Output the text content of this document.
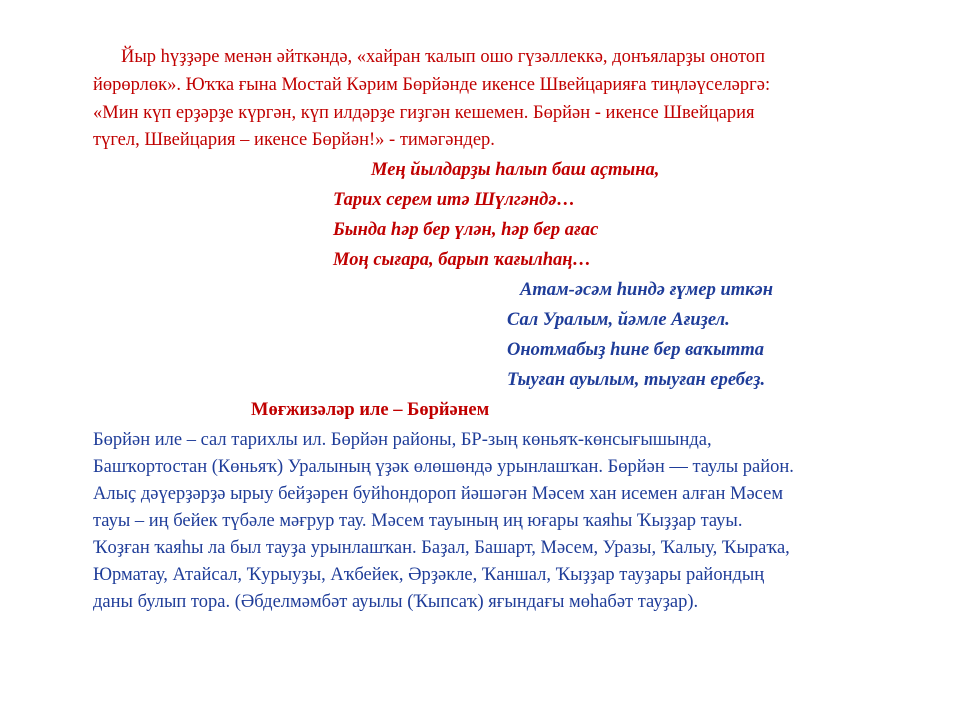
Йыр һүҙҙәре менән әйткәндә, «хайран ҡалып ошо гүзәллеккә, донъяларҙы онотоп
йөрөрлөк». Юҡҡа ғына Мостай Кәрим Бөрйәндe икенсе Швейцарияға тиңләүселәргә:
«Мин күп ерҙәрҙе күргән, күп илдәрҙе гиҙгән кешемен. Бөрйән - икенсе Швейцария
түгел, Швейцария – икенсе Бөрйән!» - тимәгәндер.
Мең йылдарҙы һалып баш аҫтына,
Тарих серем итә Шүлгәндә…
Бында һәр бер үлән, һәр бер ағас
Моң сығара, барып ҡағылһаң…
Атам-әсәм һиндә ғүмер иткән
Сал Уралым, йәмле Ағиҙел.
Онотмабыҙ һине бер ваҡытта
Тыуған ауылым, тыуған еребеҙ.
Мөғжизәләр иле – Бөрйәнем
Бөрйән иле – сал тарихлы ил. Бөрйән районы, БР-зың көньяҡ-көнсығышында,
Башҡортостан (Көньяҡ) Уралының үҙәк өлөшөндә урынлашҡан. Бөрйән — таулы район.
Алыҫ дәүерҙәрҙә ырыу бейҙәрен буйһондороп йәшәгән Мәсем хан исемен алған Мәсем
тауы – иң бейек түбәле мәғрур тау. Мәсем тауының иң юғары ҡаяһы Ҡыҙҙар тауы.
Ҡоҙған ҡаяһы ла был тауҙа урынлашҡан. Баҙал, Башарт, Мәсем, Уразы, Ҡалыу, Ҡыраҡа,
Юрматау, Атайсал, Ҡурыуҙы, Аҡбейек, Әрҙәкле, Ҡаншал, Ҡыҙҙар тауҙары райондың
даны булып тора. (Әбделмәмбәт ауылы (Ҡыпсаҡ) яғындағы мөһабәт тауҙар).
